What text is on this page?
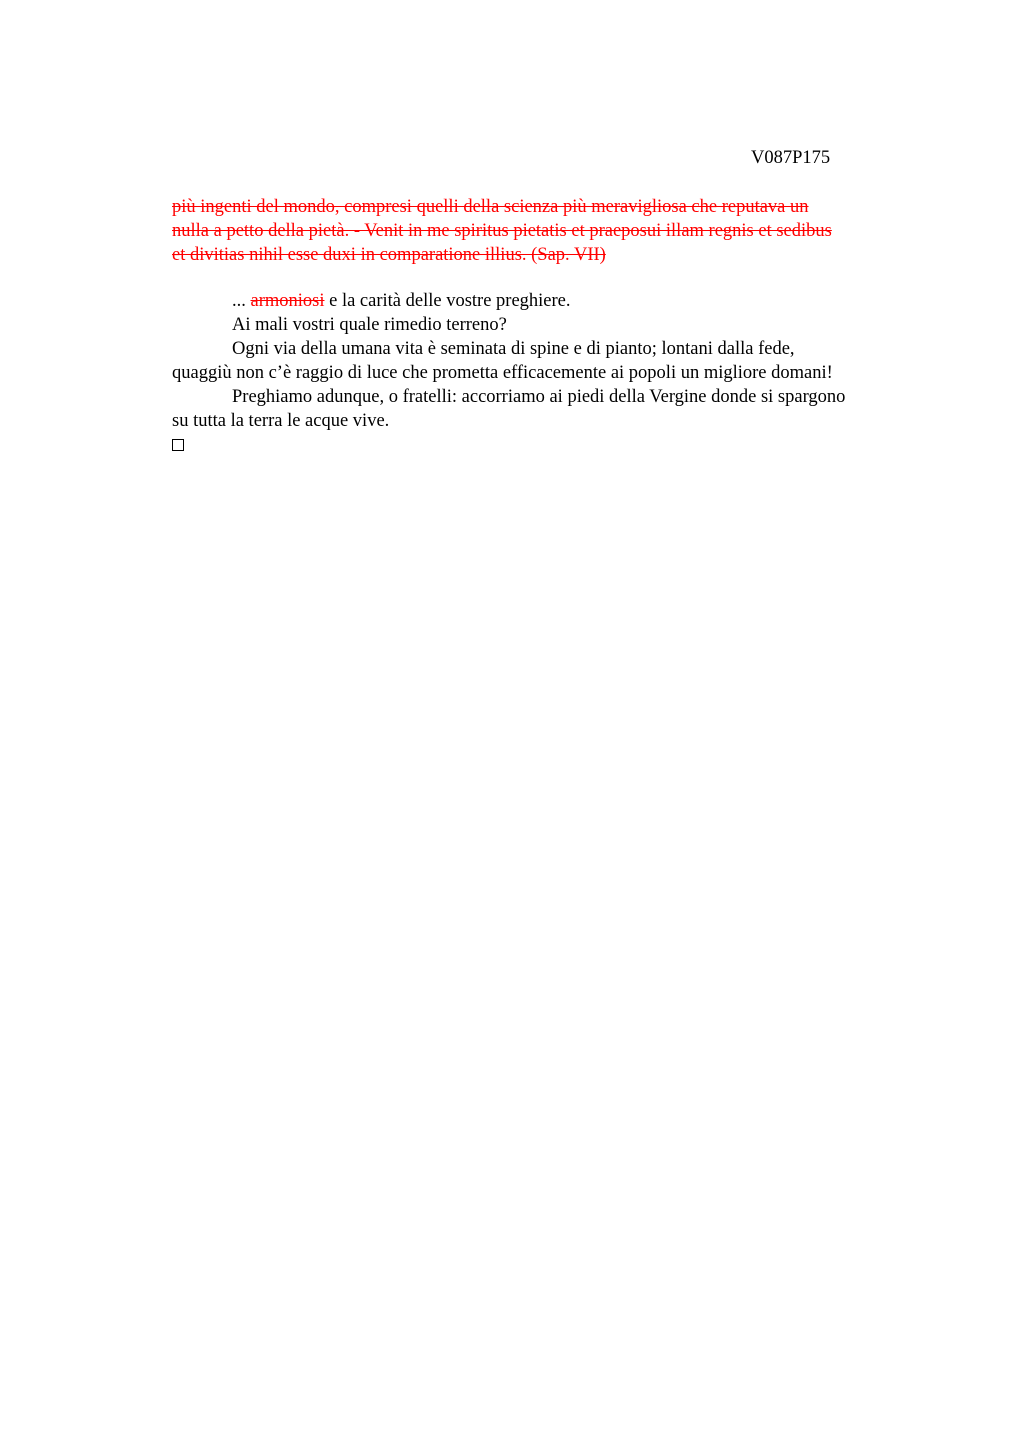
V087P175
più ingenti del mondo, compresi quelli della scienza più meravigliosa che reputava un
nulla a petto della pietà. - Venit in me spiritus pietatis et praeposui illam regnis et sedibus
et divitias nihil esse duxi in comparatione illius. (Sap. VII)

... armoniosi e la carità delle vostre preghiere.

Ai mali vostri quale rimedio terreno?

Ogni via della umana vita è seminata di spine e di pianto; lontani dalla fede,
quaggiù non c’è raggio di luce che prometta efficacemente ai popoli un migliore domani!

Preghiamo adunque, o fratelli: accorriamo ai piedi della Vergine donde si spargono
su tutta la terra le acque vive.
